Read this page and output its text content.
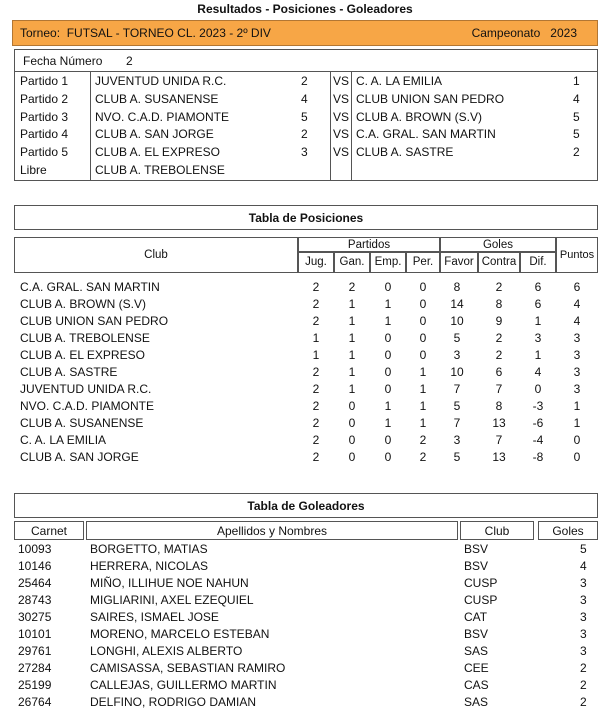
Resultados - Posiciones - Goleadores
Torneo: FUTSAL - TORNEO CL. 2023 - 2º DIV	Campeonato 2023
Fecha Número 2
Partido 1 JUVENTUD UNIDA R.C.	2 VS C. A. LA EMILIA	1
Partido 2 CLUB A. SUSANENSE	4 VS CLUB UNION SAN PEDRO	4
Partido 3 NVO. C.A.D. PIAMONTE	5 VS CLUB A. BROWN (S.V)	5
Partido 4 CLUB A. SAN JORGE	2 VS C.A. GRAL. SAN MARTIN	5
Partido 5 CLUB A. EL EXPRESO	3 VS CLUB A. SASTRE	2
Libre	CLUB A. TREBOLENSE
Tabla de Posiciones
Club
Partidos
Jug.	Gan. Emp. Per.
Goles
Favor Contra	Dif.
Puntos
C.A. GRAL. SAN MARTIN	2	2	0	0	8	2	6	6
CLUB A. BROWN (S.V)	2	1	1	0	14	8	6	4
CLUB UNION SAN PEDRO	2	1	1	0	10	9	1	4
CLUB A. TREBOLENSE	1	1	0	0	5	2	3	3
CLUB A. EL EXPRESO	1	1	0	0	3	2	1	3
CLUB A. SASTRE	2	1	0	1	10	6	4	3
JUVENTUD UNIDA R.C.	2	1	0	1	7	7	0	3
NVO. C.A.D. PIAMONTE	2	0	1	1	5	8	-3	1
CLUB A. SUSANENSE	2	0	1	1	7	13	-6	1
C. A. LA EMILIA	2	0	0	2	3	7	-4	0
CLUB A. SAN JORGE	2	0	0	2	5	13	-8	0
Tabla de Goleadores
Carnet	Apellidos y Nombres	Club	Goles
10093	BORGETTO, MATIAS	BSV	5
10146	HERRERA, NICOLAS	BSV	4
25464	MIÑO, ILLIHUE NOE NAHUN	CUSP	3
28743	MIGLIARINI, AXEL EZEQUIEL	CUSP	3
30275	SAIRES, ISMAEL JOSE	CAT	3
10101	MORENO, MARCELO ESTEBAN	BSV	3
29761	LONGHI, ALEXIS ALBERTO	SAS	3
27284	CAMISASSA, SEBASTIAN RAMIRO	CEE	2
25199	CALLEJAS, GUILLERMO MARTIN	CAS	2
26764	DELFINO, RODRIGO DAMIAN	SAS	2
